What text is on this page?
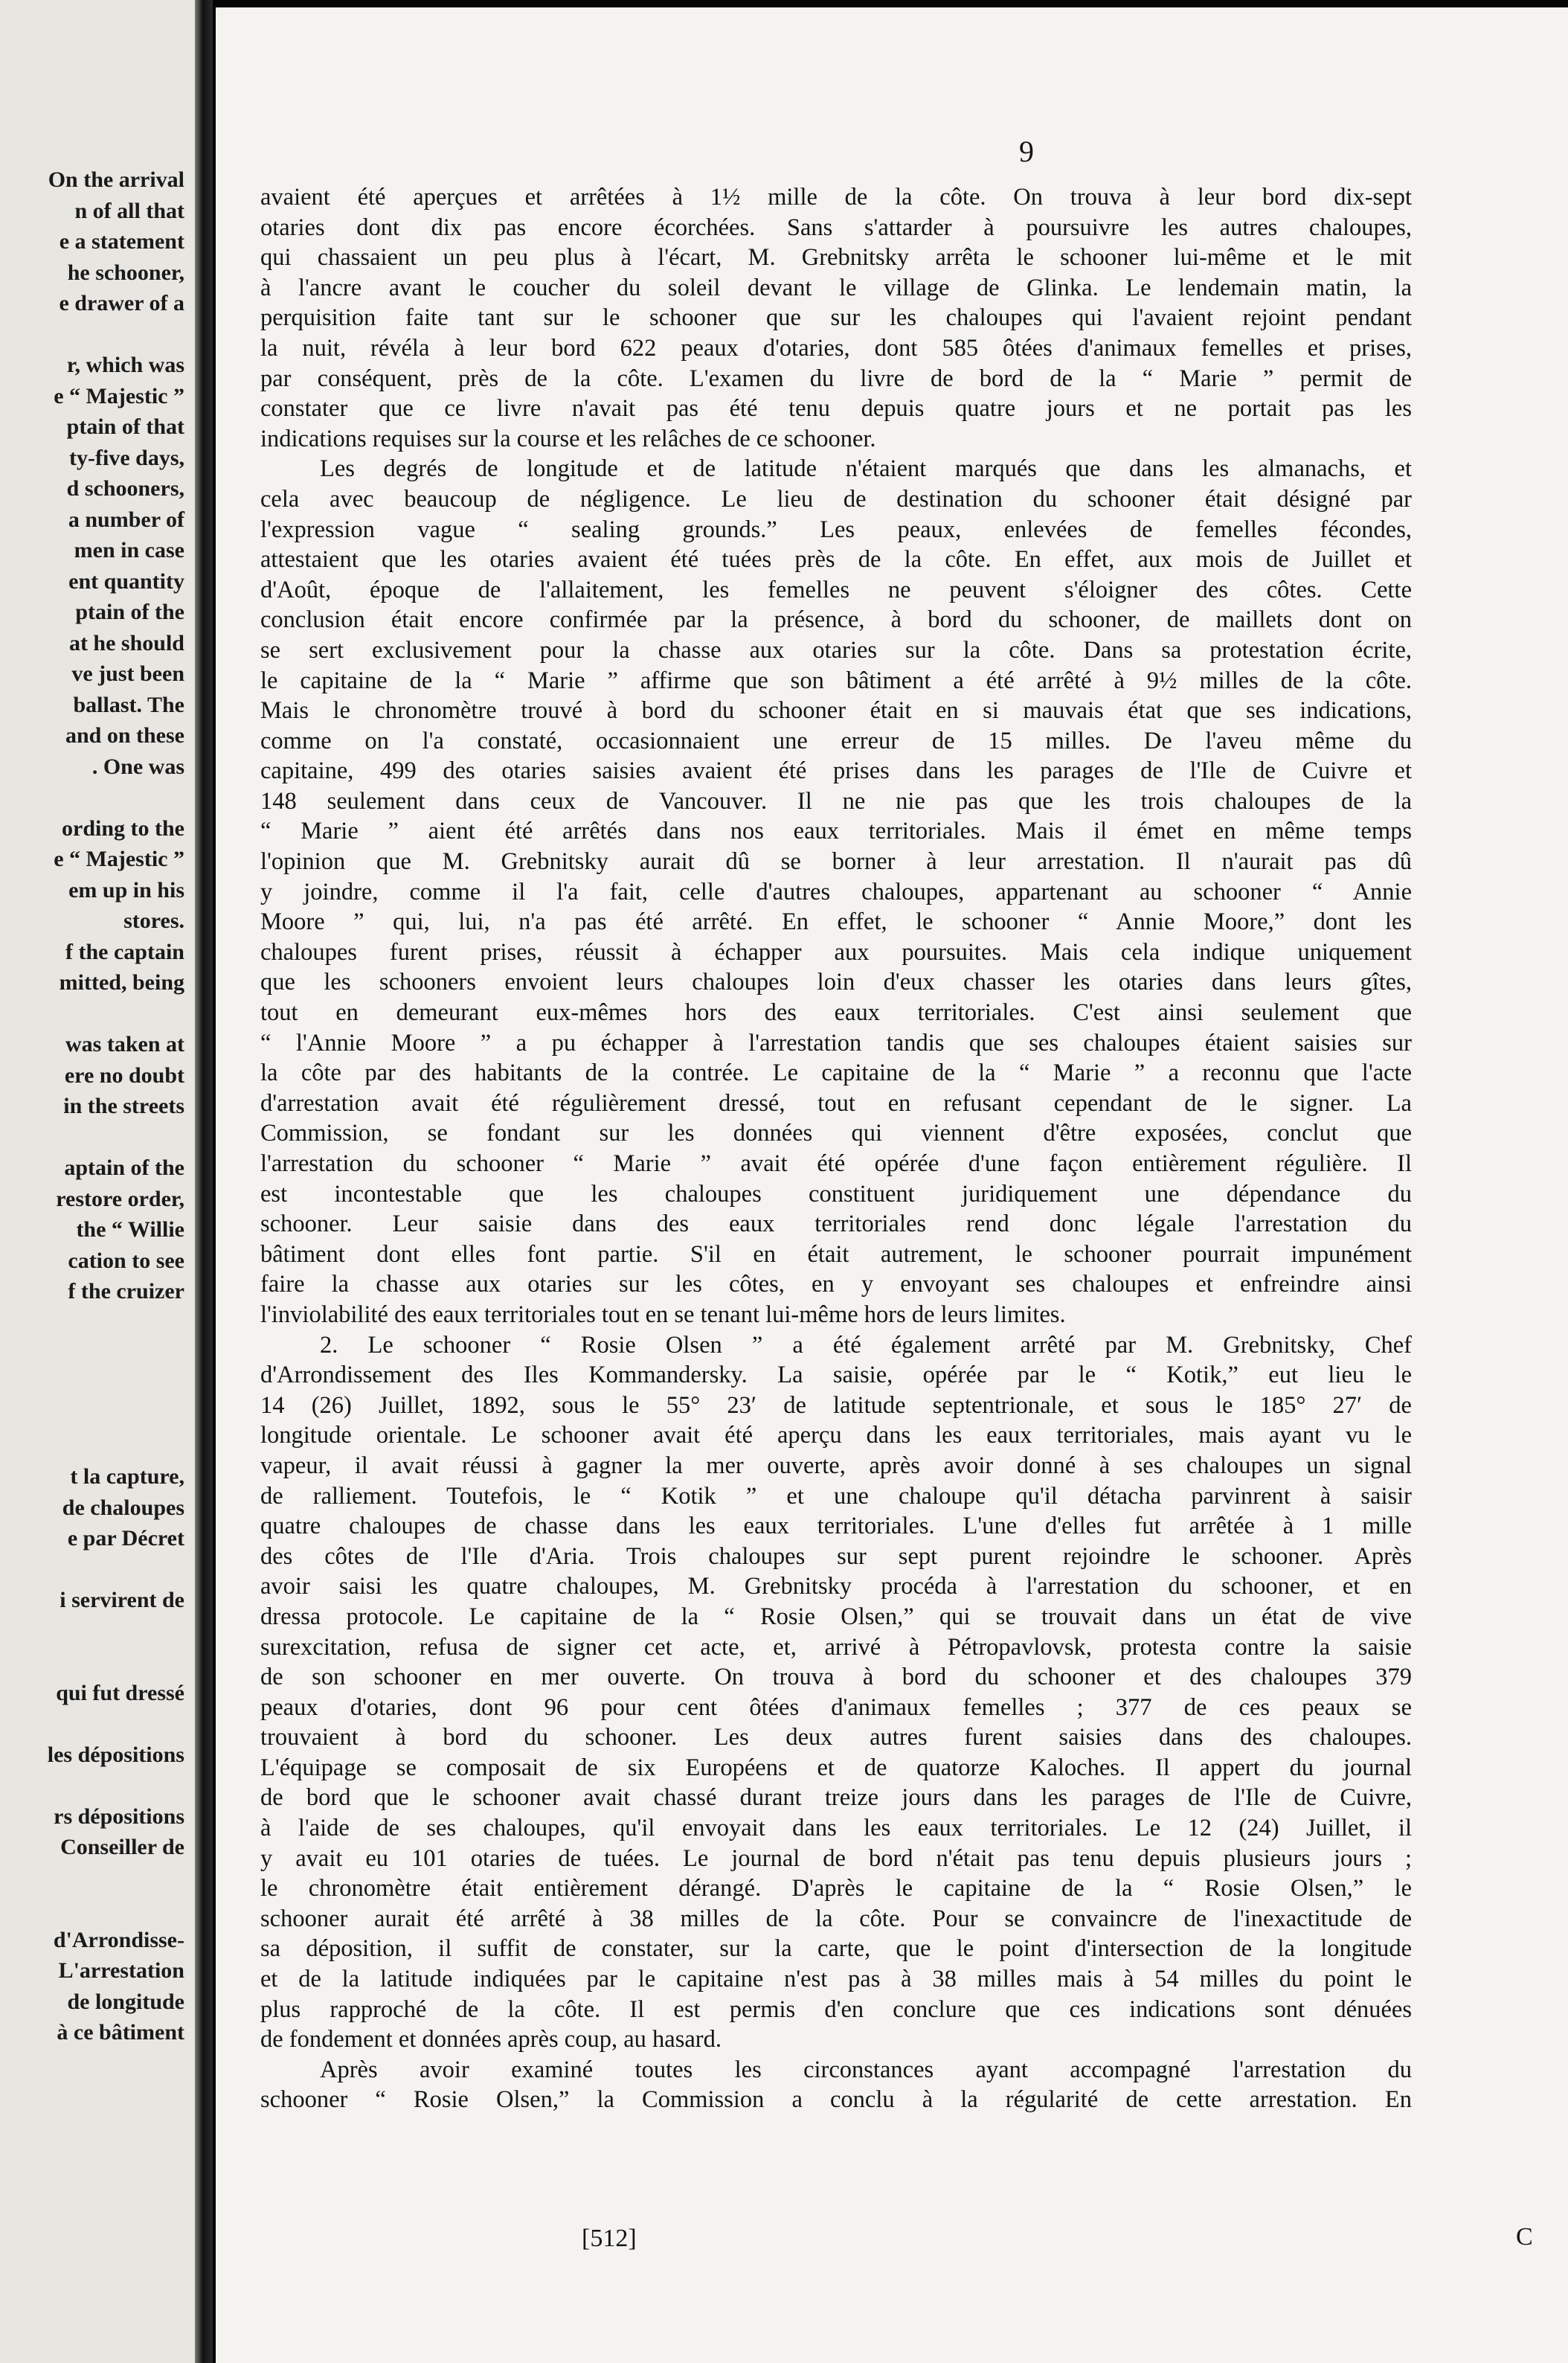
On the arrival
n of all that
e a statement
he schooner,
e drawer of a
r, which was
e “ Majestic ”
ptain of that
ty-five days,
d schooners,
a number of
men in case
ent quantity
ptain of the
at he should
ve just been
ballast. The
and on these
. One was
ording to the
e “ Majestic ”
em up in his
stores.
f the captain
mitted, being
was taken at
ere no doubt
in the streets
aptain of the
restore order,
the “ Willie
cation to see
f the cruizer
t la capture,
de chaloupes
e par Décret
i servirent de
qui fut dressé
les dépositions
rs dépositions
Conseiller de
d'Arrondisse-
L'arrestation
de longitude
à ce bâtiment
9
[512]	C
avaient été aperçues et arrêtées à 1½ mille de la côte. On trouva à leur bord dix-sept
otaries dont dix pas encore écorchées. Sans s'attarder à poursuivre les autres chaloupes,
qui chassaient un peu plus à l'écart, M. Grebnitsky arrêta le schooner lui-même et le mit
à l'ancre avant le coucher du soleil devant le village de Glinka. Le lendemain matin, la
perquisition faite tant sur le schooner que sur les chaloupes qui l'avaient rejoint pendant
la nuit, révéla à leur bord 622 peaux d'otaries, dont 585 ôtées d'animaux femelles et prises,
par conséquent, près de la côte. L'examen du livre de bord de la “ Marie ” permit de
constater que ce livre n'avait pas été tenu depuis quatre jours et ne portait pas les
indications requises sur la course et les relâches de ce schooner.
Les degrés de longitude et de latitude n'étaient marqués que dans les almanachs, et
cela avec beaucoup de négligence. Le lieu de destination du schooner était désigné par
l'expression vague “ sealing grounds.” Les peaux, enlevées de femelles fécondes,
attestaient que les otaries avaient été tuées près de la côte. En effet, aux mois de Juillet et
d'Août, époque de l'allaitement, les femelles ne peuvent s'éloigner des côtes. Cette
conclusion était encore confirmée par la présence, à bord du schooner, de maillets dont on
se sert exclusivement pour la chasse aux otaries sur la côte. Dans sa protestation écrite,
le capitaine de la “ Marie ” affirme que son bâtiment a été arrêté à 9½ milles de la côte.
Mais le chronomètre trouvé à bord du schooner était en si mauvais état que ses indications,
comme on l'a constaté, occasionnaient une erreur de 15 milles. De l'aveu même du
capitaine, 499 des otaries saisies avaient été prises dans les parages de l'Ile de Cuivre et
148 seulement dans ceux de Vancouver. Il ne nie pas que les trois chaloupes de la
“ Marie ” aient été arrêtés dans nos eaux territoriales. Mais il émet en même temps
l'opinion que M. Grebnitsky aurait dû se borner à leur arrestation. Il n'aurait pas dû
y joindre, comme il l'a fait, celle d'autres chaloupes, appartenant au schooner “ Annie
Moore ” qui, lui, n'a pas été arrêté. En effet, le schooner “ Annie Moore,” dont les
chaloupes furent prises, réussit à échapper aux poursuites. Mais cela indique uniquement
que les schooners envoient leurs chaloupes loin d'eux chasser les otaries dans leurs gîtes,
tout en demeurant eux-mêmes hors des eaux territoriales. C'est ainsi seulement que
“ l'Annie Moore ” a pu échapper à l'arrestation tandis que ses chaloupes étaient saisies sur
la côte par des habitants de la contrée. Le capitaine de la “ Marie ” a reconnu que l'acte
d'arrestation avait été régulièrement dressé, tout en refusant cependant de le signer. La
Commission, se fondant sur les données qui viennent d'être exposées, conclut que
l'arrestation du schooner “ Marie ” avait été opérée d'une façon entièrement régulière. Il
est incontestable que les chaloupes constituent juridiquement une dépendance du
schooner. Leur saisie dans des eaux territoriales rend donc légale l'arrestation du
bâtiment dont elles font partie. S'il en était autrement, le schooner pourrait impunément
faire la chasse aux otaries sur les côtes, en y envoyant ses chaloupes et enfreindre ainsi
l'inviolabilité des eaux territoriales tout en se tenant lui-même hors de leurs limites.
2. Le schooner “ Rosie Olsen ” a été également arrêté par M. Grebnitsky, Chef
d'Arrondissement des Iles Kommandersky. La saisie, opérée par le “ Kotik,” eut lieu le
14 (26) Juillet, 1892, sous le 55° 23′ de latitude septentrionale, et sous le 185° 27′ de
longitude orientale. Le schooner avait été aperçu dans les eaux territoriales, mais ayant vu le
vapeur, il avait réussi à gagner la mer ouverte, après avoir donné à ses chaloupes un signal
de ralliement. Toutefois, le “ Kotik ” et une chaloupe qu'il détacha parvinrent à saisir
quatre chaloupes de chasse dans les eaux territoriales. L'une d'elles fut arrêtée à 1 mille
des côtes de l'Ile d'Aria. Trois chaloupes sur sept purent rejoindre le schooner. Après
avoir saisi les quatre chaloupes, M. Grebnitsky procéda à l'arrestation du schooner, et en
dressa protocole. Le capitaine de la “ Rosie Olsen,” qui se trouvait dans un état de vive
surexcitation, refusa de signer cet acte, et, arrivé à Pétropavlovsk, protesta contre la saisie
de son schooner en mer ouverte. On trouva à bord du schooner et des chaloupes 379
peaux d'otaries, dont 96 pour cent ôtées d'animaux femelles ; 377 de ces peaux se
trouvaient à bord du schooner. Les deux autres furent saisies dans des chaloupes.
L'équipage se composait de six Européens et de quatorze Kaloches. Il appert du journal
de bord que le schooner avait chassé durant treize jours dans les parages de l'Ile de Cuivre,
à l'aide de ses chaloupes, qu'il envoyait dans les eaux territoriales. Le 12 (24) Juillet, il
y avait eu 101 otaries de tuées. Le journal de bord n'était pas tenu depuis plusieurs jours ;
le chronomètre était entièrement dérangé. D'après le capitaine de la “ Rosie Olsen,” le
schooner aurait été arrêté à 38 milles de la côte. Pour se convaincre de l'inexactitude de
sa déposition, il suffit de constater, sur la carte, que le point d'intersection de la longitude
et de la latitude indiquées par le capitaine n'est pas à 38 milles mais à 54 milles du point le
plus rapproché de la côte. Il est permis d'en conclure que ces indications sont dénuées
de fondement et données après coup, au hasard.
Après avoir examiné toutes les circonstances ayant accompagné l'arrestation du
schooner “ Rosie Olsen,” la Commission a conclu à la régularité de cette arrestation. En
